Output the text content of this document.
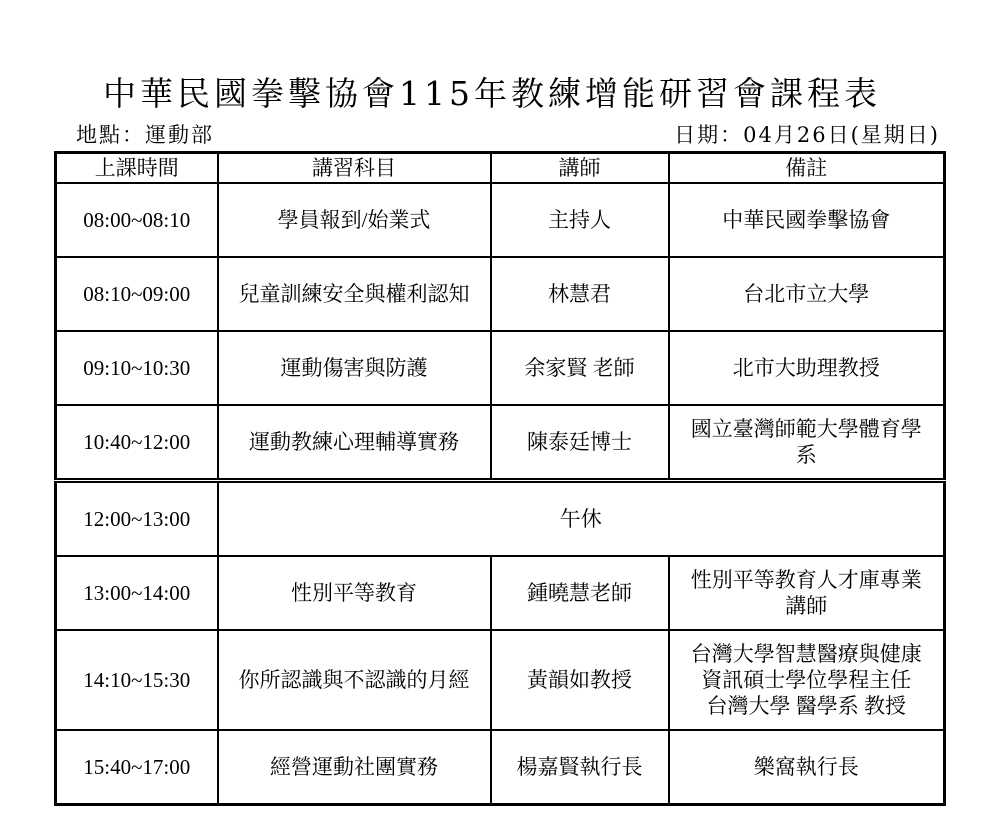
中華民國拳擊協會115年教練增能研習會課程表
地點：運動部	日期：04月26日(星期日)
上課時間	講習科目	講師	備註
08:00~08:10	學員報到/始業式	主持人	中華民國拳擊協會

08:10~09:00	兒童訓練安全與權利認知	林慧君	台北市立大學

09:10~10:30	運動傷害與防護	余家賢 老師	北市大助理教授

10:40~12:00	運動教練心理輔導實務	陳泰廷博士	國立臺灣師範大學體育學
系

12:00~13:00	午休		
13:00~14:00	性別平等教育	鍾曉慧老師	性別平等教育人才庫專業
講師

14:10~15:30	你所認識與不認識的月經	黃韻如教授	台灣大學智慧醫療與健康
資訊碩士學位學程主任
台灣大學 醫學系 教授

15:40~17:00	經營運動社團實務	楊嘉賢執行長	樂窩執行長
